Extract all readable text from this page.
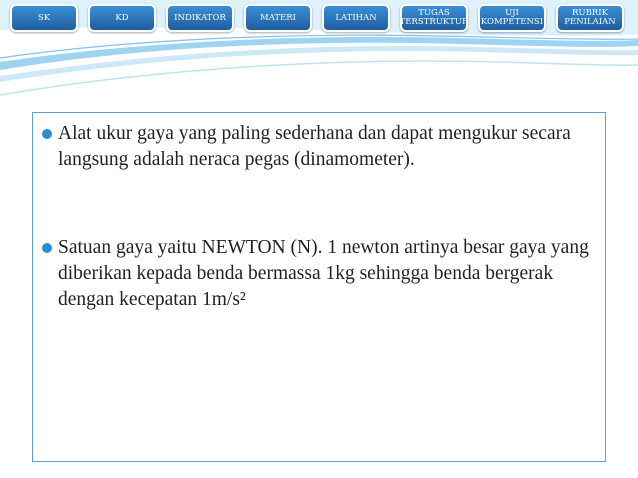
SK	KD	INDIKATOR	MATERI	LATIHAN	TUGAS
TERSTRUKTUR
UJI
KOMPETENSI
RUBRIK
PENILAIAN
Alat ukur gaya yang paling sederhana dan dapat mengukur secara langsung adalah neraca pegas (dinamometer).
Satuan gaya yaitu NEWTON (N). 1 newton artinya besar gaya yang diberikan kepada benda bermassa 1kg sehingga benda bergerak dengan kecepatan 1m/s²
